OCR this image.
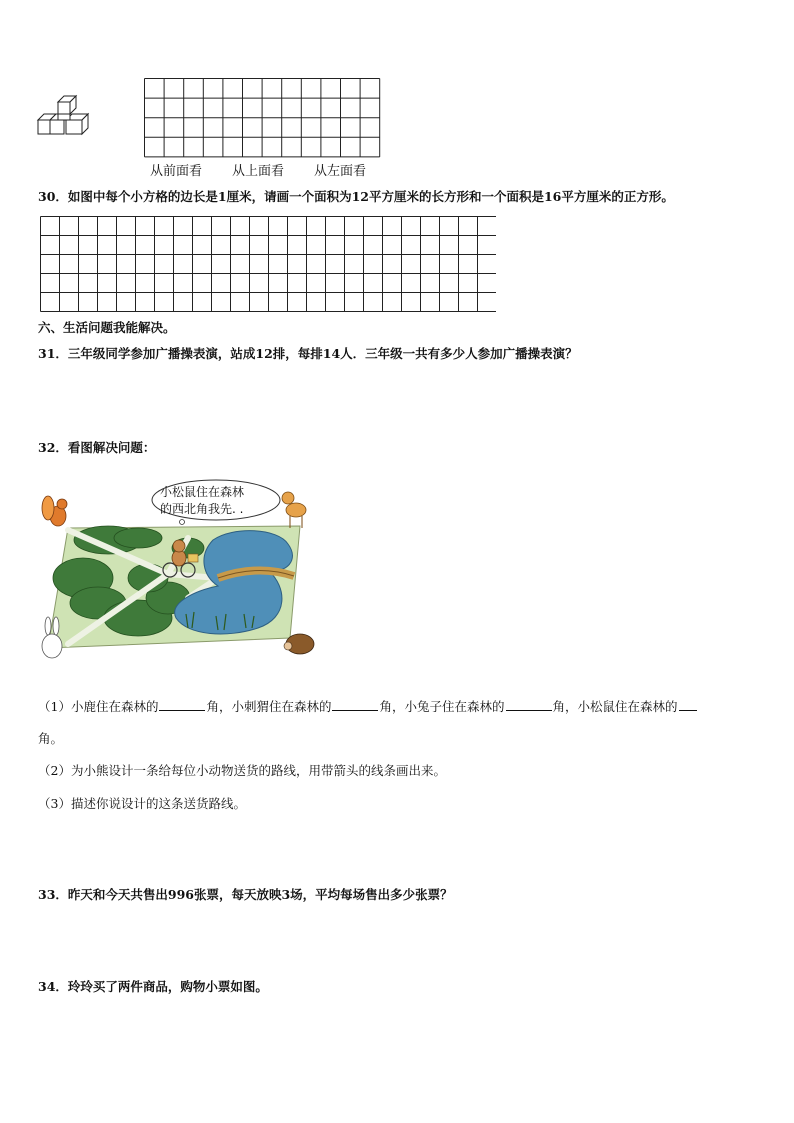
从前面看 从上面看 从左面看
30．如图中每个小方格的边长是1厘米，请画一个面积为12平方厘米的长方形和一个面积是16平方厘米的正方形。
六、生活问题我能解决。
31．三年级同学参加广播操表演，站成12排，每排14人．三年级一共有多少人参加广播操表演？
32．看图解决问题：
小松鼠住在森林
的西北角我先. .
（1）小鹿住在森林的	角，小刺猬住在森林的	角，小兔子住在森林的	角，小松鼠住在森林的
角。
（2）为小熊设计一条给每位小动物送货的路线，用带箭头的线条画出来。
（3）描述你说设计的这条送货路线。
33．昨天和今天共售出996张票，每天放映3场，平均每场售出多少张票？
34．玲玲买了两件商品，购物小票如图。
